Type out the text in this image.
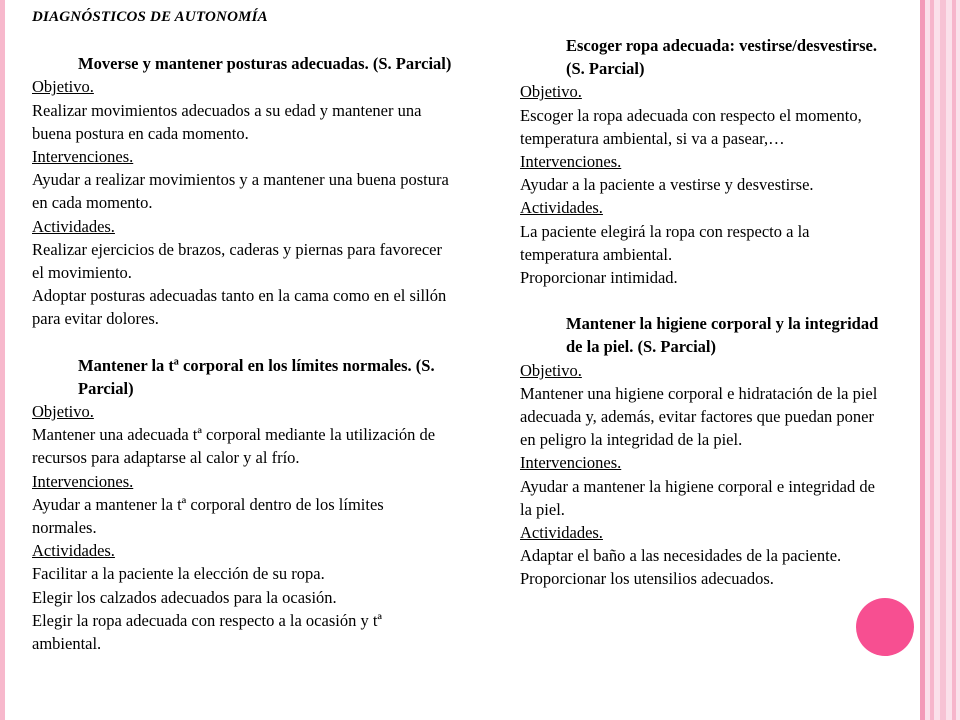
DIAGNÓSTICOS DE AUTONOMÍA

Moverse y mantener posturas adecuadas. (S. Parcial)

Objetivo.

Realizar movimientos adecuados a su edad y mantener una buena postura en cada momento.

Intervenciones.

Ayudar a realizar movimientos y a mantener una buena postura en cada momento.

Actividades.

Realizar ejercicios de brazos, caderas y piernas para favorecer el movimiento.

Adoptar posturas adecuadas tanto en la cama como en el sillón para evitar dolores.

Mantener la tª corporal en los límites normales. (S. Parcial)

Objetivo.

Mantener una adecuada tª corporal mediante la utilización de recursos para adaptarse al calor y al frío.

Intervenciones.

Ayudar a mantener la tª corporal dentro de los límites normales.

Actividades.

Facilitar a la paciente la elección de su ropa.

Elegir los calzados adecuados para la ocasión.

Elegir la ropa adecuada con respecto a la ocasión y tª ambiental.

Escoger ropa adecuada: vestirse/desvestirse. (S. Parcial)

Objetivo.

Escoger la ropa adecuada con respecto el momento, temperatura ambiental, si va a pasear,…

Intervenciones.

Ayudar a la paciente a vestirse y desvestirse.

Actividades.

La paciente elegirá la ropa con respecto a la temperatura ambiental.

Proporcionar intimidad.

Mantener la higiene corporal y la integridad de la piel. (S. Parcial)

Objetivo.

Mantener una higiene corporal e hidratación de la piel adecuada y, además, evitar factores que puedan poner en peligro la integridad de la piel.

Intervenciones.

Ayudar a mantener la higiene corporal e integridad de la piel.

Actividades.

Adaptar el baño a las necesidades de la paciente.

Proporcionar los utensilios adecuados.
